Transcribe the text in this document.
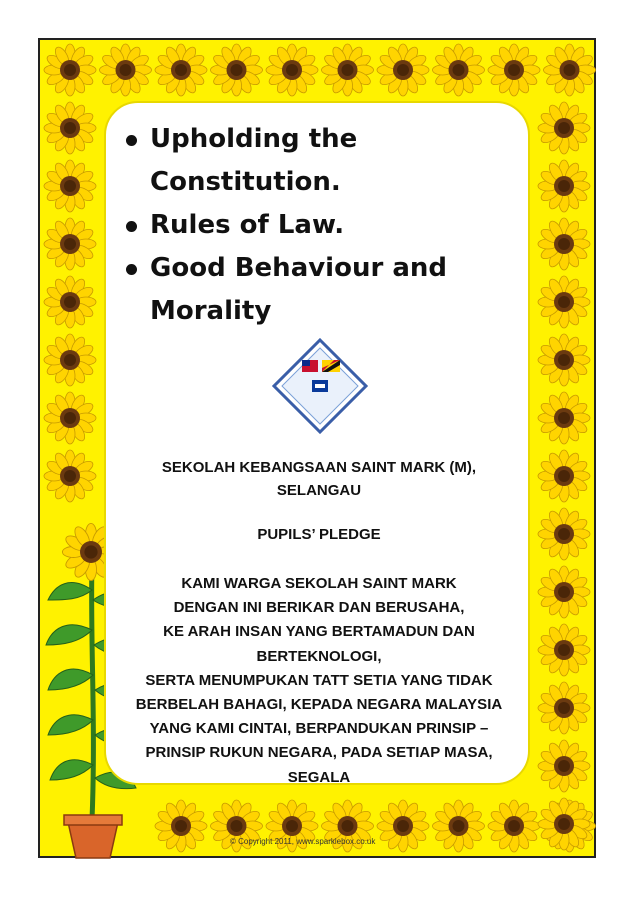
Upholding the Constitution.
Rules of Law.
Good Behaviour and Morality
SEKOLAH KEBANGSAAN SAINT MARK (M),
SELANGAU
PUPILS’ PLEDGE
KAMI WARGA SEKOLAH SAINT MARK
DENGAN INI BERIKAR DAN BERUSAHA,
KE ARAH INSAN YANG BERTAMADUN DAN
BERTEKNOLOGI,
SERTA MENUMPUKAN TATT SETIA YANG TIDAK
BERBELAH BAHAGI, KEPADA NEGARA MALAYSIA
YANG KAMI CINTAI, BERPANDUKAN PRINSIP –
PRINSIP RUKUN NEGARA, PADA SETIAP MASA,
SEGALA
© Copyright 2011, www.sparklebox.co.uk
